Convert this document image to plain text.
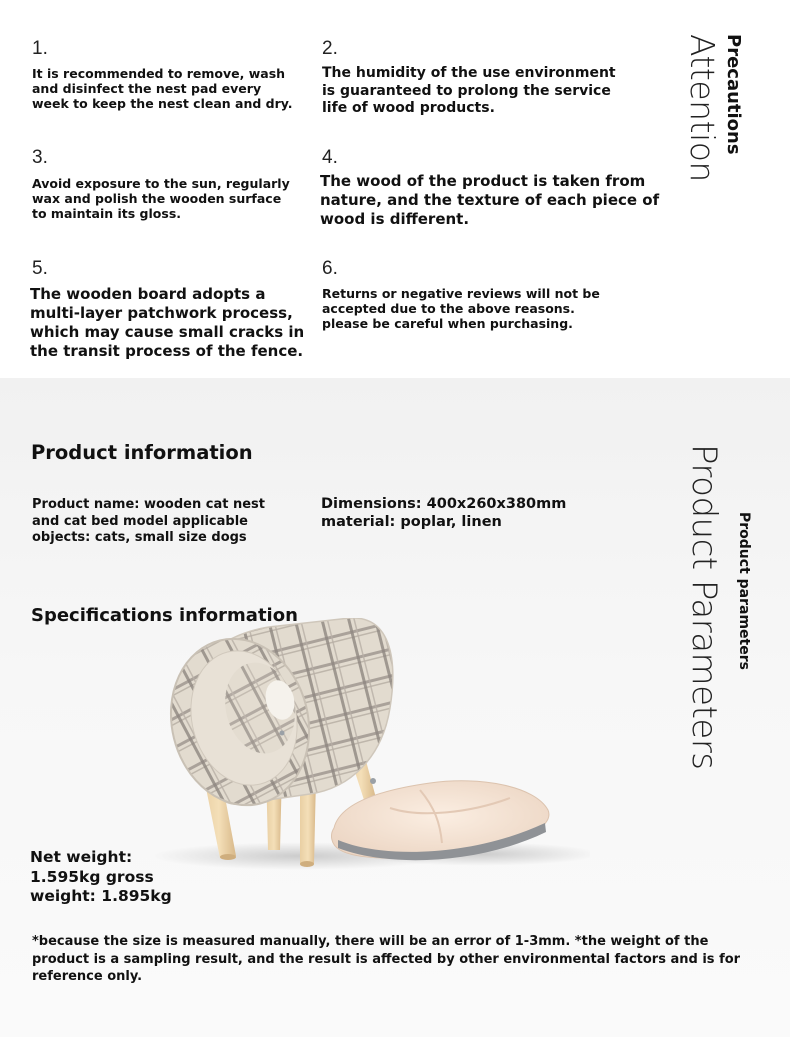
1.
It is recommended to remove, wash and disinfect the nest pad every week to keep the nest clean and dry.
2.
The humidity of the use environment is guaranteed to prolong the service life of wood products.
3.
Avoid exposure to the sun, regularly wax and polish the wooden surface to maintain its gloss.
4.
The wood of the product is taken from nature, and the texture of each piece of wood is different.
5.
The wooden board adopts a multi-layer patchwork process, which may cause small cracks in the transit process of the fence.
6.
Returns or negative reviews will not be accepted due to the above reasons. please be careful when purchasing.
Precautions
Attention
Product information
Product name: wooden cat nest and cat bed model applicable objects: cats, small size dogs
Dimensions: 400x260x380mm material: poplar, linen
Specifications information	Product parameters
Product Parameters
Net weight: 1.595kg gross weight: 1.895kg
*because the size is measured manually, there will be an error of 1-3mm. *the weight of the product is a sampling result, and the result is affected by other environmental factors and is for reference only.
